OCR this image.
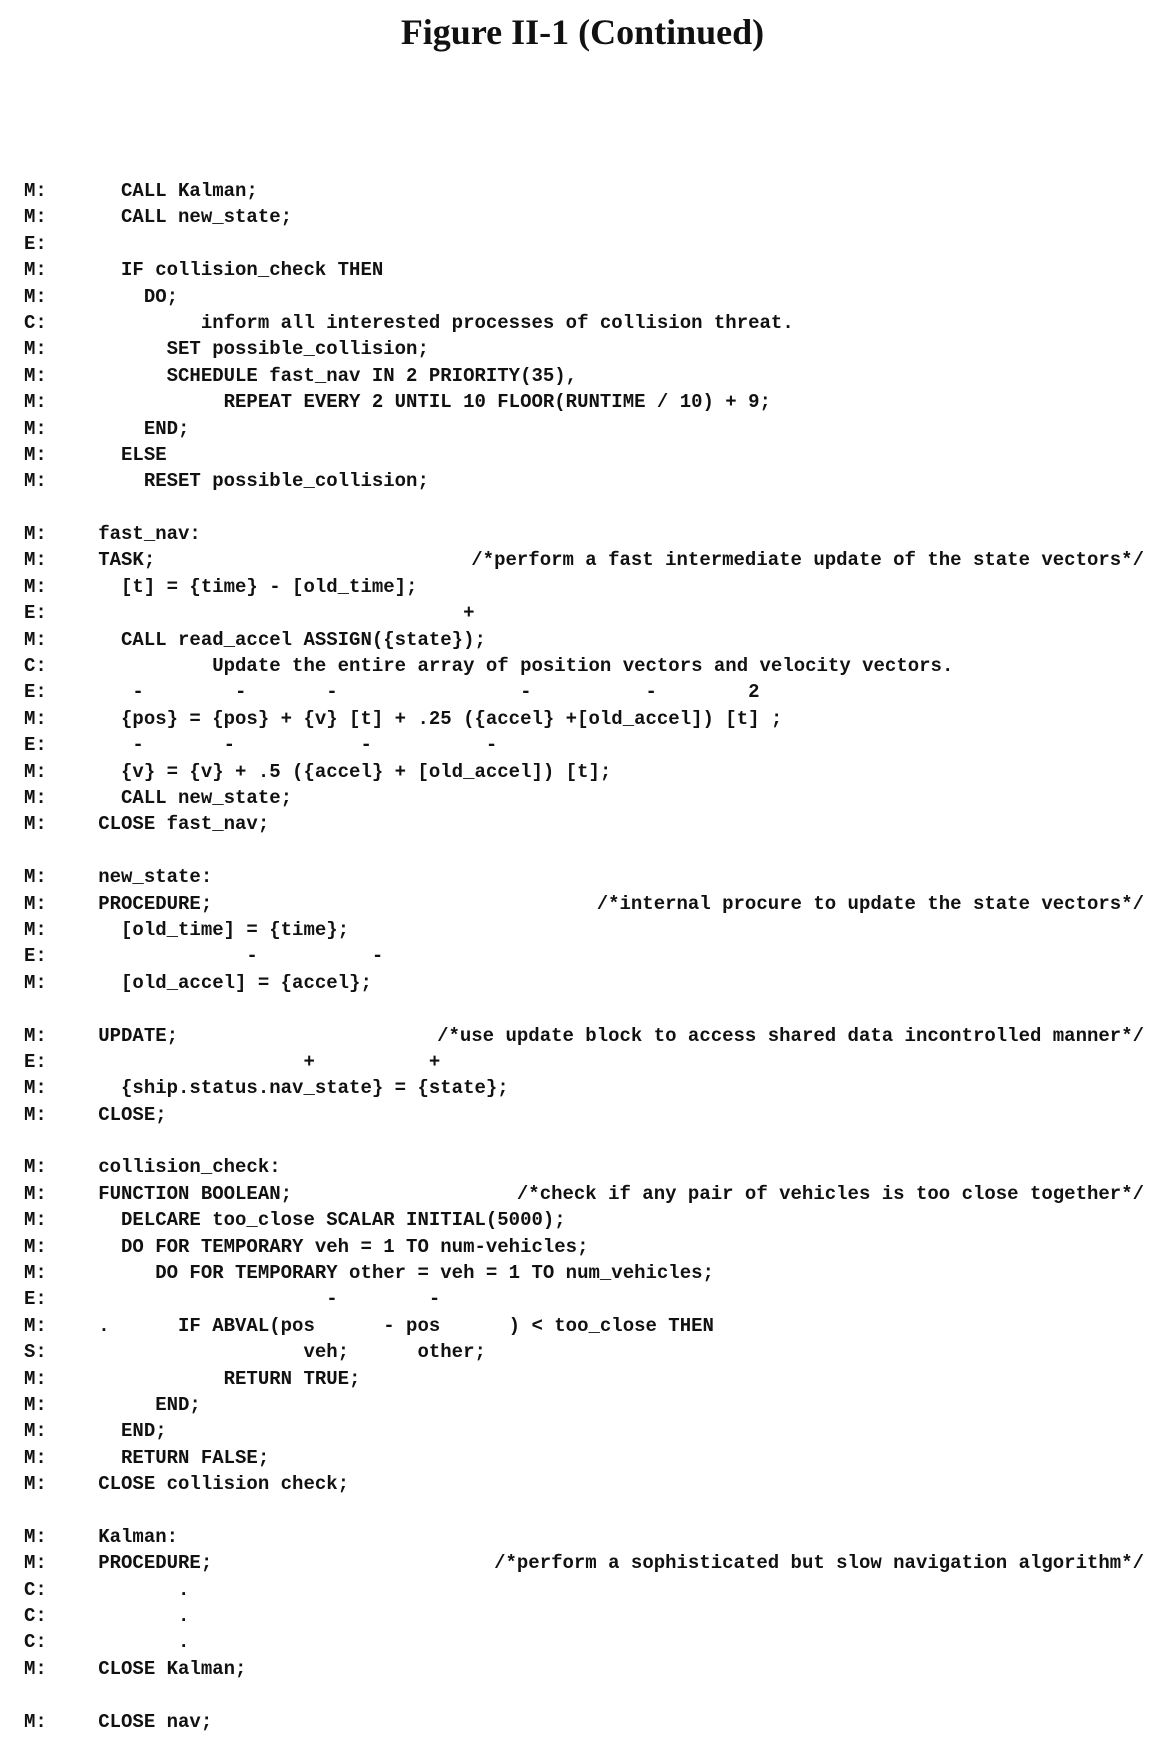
Figure II-1 (Continued)
M:     CALL Kalman;
M:     CALL new_state;
E:
M:     IF collision_check THEN
M:       DO;
C:            inform all interested processes of collision threat.
M:         SET possible_collision;
M:         SCHEDULE fast_nav IN 2 PRIORITY(35),
M:              REPEAT EVERY 2 UNTIL 10 FLOOR(RUNTIME / 10) + 9;
M:       END;
M:     ELSE
M:       RESET possible_collision;
M:   fast_nav:
M:   TASK;	/*perform a fast intermediate update of the state vectors*/
M:     [t] = {time} - [old_time];
E:                                   +
M:     CALL read_accel ASSIGN({state});
C:             Update the entire array of position vectors and velocity vectors.
E:      -        -       -                -          -        2
M:     {pos} = {pos} + {v} [t] + .25 ({accel} +[old_accel]) [t] ;
E:      -       -           -          -
M:     {v} = {v} + .5 ({accel} + [old_accel]) [t];
M:     CALL new_state;
M:   CLOSE fast_nav;
M:   new_state:
M:   PROCEDURE;	/*internal procure to update the state vectors*/
M:     [old_time] = {time};
E:                -          -
M:     [old_accel] = {accel};
M:   UPDATE;	/*use update block to access shared data incontrolled manner*/
E:                     +          +
M:     {ship.status.nav_state} = {state};
M:   CLOSE;
M:   collision_check:
M:   FUNCTION BOOLEAN;	/*check if any pair of vehicles is too close together*/
M:     DELCARE too_close SCALAR INITIAL(5000);
M:     DO FOR TEMPORARY veh = 1 TO num-vehicles;
M:        DO FOR TEMPORARY other = veh = 1 TO num_vehicles;
E:                       -        -
M:   .      IF ABVAL(pos      - pos      ) < too_close THEN
S:                     veh;      other;
M:              RETURN TRUE;
M:        END;
M:     END;
M:     RETURN FALSE;
M:   CLOSE collision check;
M:   Kalman:
M:   PROCEDURE;	/*perform a sophisticated but slow navigation algorithm*/
C:          .
C:          .
C:          .
M:   CLOSE Kalman;
M:   CLOSE nav;
